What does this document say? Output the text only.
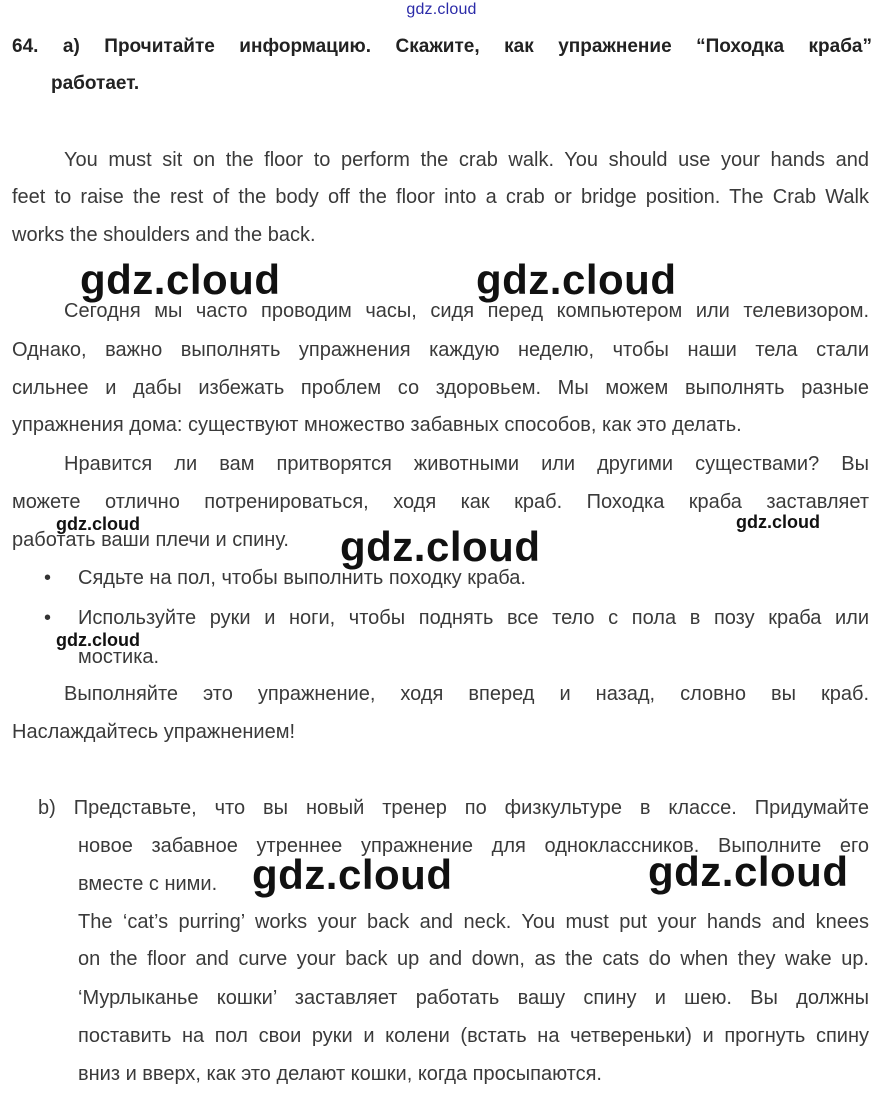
gdz.cloud
64. a) Прочитайте информацию. Скажите, как упражнение “Походка краба”
работает.
You must sit on the floor to perform the crab walk. You should use your hands and
feet to raise the rest of the body off the floor into a crab or bridge position. The Crab Walk
works the shoulders and the back.
gdz.cloud	gdz.cloud
Сегодня мы часто проводим часы, сидя перед компьютером или телевизором.
Однако, важно выполнять упражнения каждую неделю, чтобы наши тела стали
сильнее и дабы избежать проблем со здоровьем. Мы можем выполнять разные
упражнения дома: существуют множество забавных способов, как это делать.
Нравится ли вам притворятся животными или другими существами? Вы
можете отлично потренироваться, ходя как краб. Походка краба заставляет
работать ваши плечи и спину.
gdz.cloud	gdz.cloud
gdz.cloud
• Сядьте на пол, чтобы выполнить походку краба.
• Используйте руки и ноги, чтобы поднять все тело с пола в позу краба или
мостика.
gdz.cloud
Выполняйте это упражнение, ходя вперед и назад, словно вы краб.
Наслаждайтесь упражнением!
b) Представьте, что вы новый тренер по физкультуре в классе. Придумайте
новое забавное утреннее упражнение для одноклассников. Выполните его
вместе с ними. gdz.cloud	gdz.cloud
The ‘cat’s purring’ works your back and neck. You must put your hands and knees
on the floor and curve your back up and down, as the cats do when they wake up.
‘Мурлыканье кошки’ заставляет работать вашу спину и шею. Вы должны
поставить на пол свои руки и колени (встать на четвереньки) и прогнуть спину
вниз и вверх, как это делают кошки, когда просыпаются.
